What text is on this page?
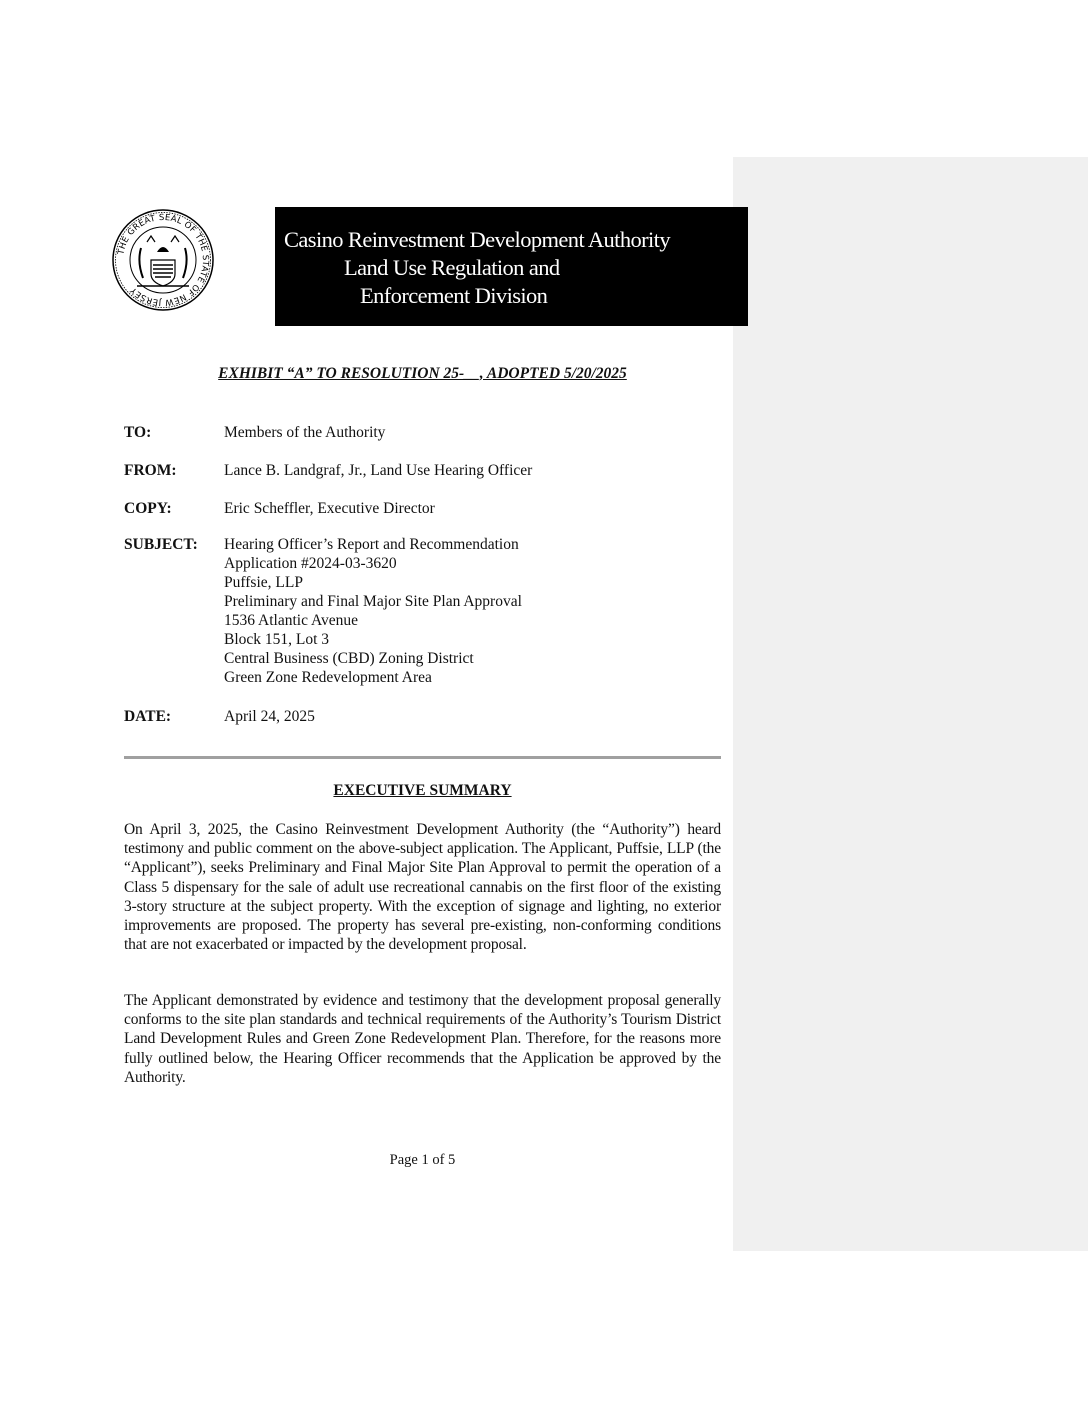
THE GREAT SEAL OF THE STATE OF NEW JERSEY
Casino Reinvestment Development Authority
Land Use Regulation and
Enforcement Division
EXHIBIT “A” TO RESOLUTION 25-__, ADOPTED 5/20/2025
TO:	Members of the Authority
FROM:	Lance B. Landgraf, Jr., Land Use Hearing Officer
COPY:	Eric Scheffler, Executive Director
SUBJECT:	Hearing Officer’s Report and Recommendation
Application #2024-03-3620
Puffsie, LLP
Preliminary and Final Major Site Plan Approval
1536 Atlantic Avenue
Block 151, Lot 3
Central Business (CBD) Zoning District
Green Zone Redevelopment Area
DATE:	April 24, 2025
EXECUTIVE SUMMARY
On April 3, 2025, the Casino Reinvestment Development Authority (the “Authority”) heard testimony and public comment on the above-subject application. The Applicant, Puffsie, LLP (the “Applicant”), seeks Preliminary and Final Major Site Plan Approval to permit the operation of a Class 5 dispensary for the sale of adult use recreational cannabis on the first floor of the existing 3-story structure at the subject property. With the exception of signage and lighting, no exterior improvements are proposed. The property has several pre-existing, non-conforming conditions that are not exacerbated or impacted by the development proposal.
The Applicant demonstrated by evidence and testimony that the development proposal generally conforms to the site plan standards and technical requirements of the Authority’s Tourism District Land Development Rules and Green Zone Redevelopment Plan. Therefore, for the reasons more fully outlined below, the Hearing Officer recommends that the Application be approved by the Authority.
Page 1 of 5
